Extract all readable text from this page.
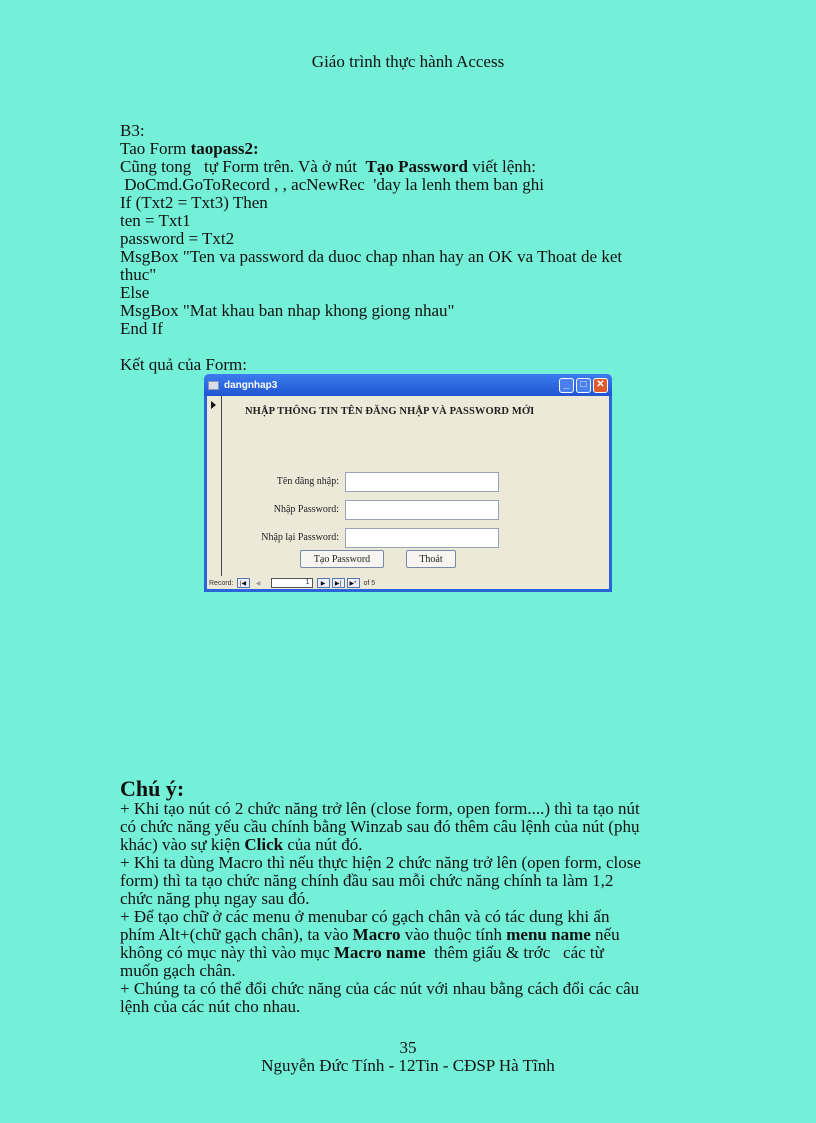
Giáo trình thực hành Access
B3:
Tao Form taopass2:
Cũng tong   tự Form trên. Và ở nút  Tạo Password viết lệnh:
DoCmd.GoToRecord , , acNewRec  'day la lenh them ban ghi
If (Txt2 = Txt3) Then
ten = Txt1
password = Txt2
MsgBox "Ten va password da duoc chap nhan hay an OK va Thoat de ket
thuc"
Else
MsgBox "Mat khau ban nhap khong giong nhau"
End If
Kết quả của Form:
dangnhap3	_	□ ✕
NHẬP THÔNG TIN TÊN ĐĂNG NHẬP VÀ PASSWORD MỚI
Tên đăng nhập:
Nhập Password:
Nhập lại Password:
Tạo Password	Thoát
Record:	|◀	◀	1	▶	▶|	▶*	of 5
Chú ý:
+ Khi tạo nút có 2 chức năng trở lên (close form, open form....) thì ta tạo nút
có chức năng yếu cầu chính bằng Winzab sau đó thêm câu lệnh của nút (phụ
khác) vào sự kiện Click của nút đó.
+ Khi ta dùng Macro thì nếu thực hiện 2 chức năng trở lên (open form, close
form) thì ta tạo chức năng chính đầu sau mỗi chức năng chính ta làm 1,2
chức năng phụ ngay sau đó.
+ Để tạo chữ ở các menu ở menubar có gạch chân và có tác dung khi ấn
phím Alt+(chữ gạch chân), ta vào Macro vào thuộc tính menu name nếu
không có mục này thì vào mục Macro name  thêm giấu & trớc   các từ
muốn gạch chân.
+ Chúng ta có thể đổi chức năng của các nút với nhau bằng cách đổi các câu
lệnh của các nút cho nhau.
35
Nguyễn Đức Tính - 12Tin - CĐSP Hà Tĩnh
